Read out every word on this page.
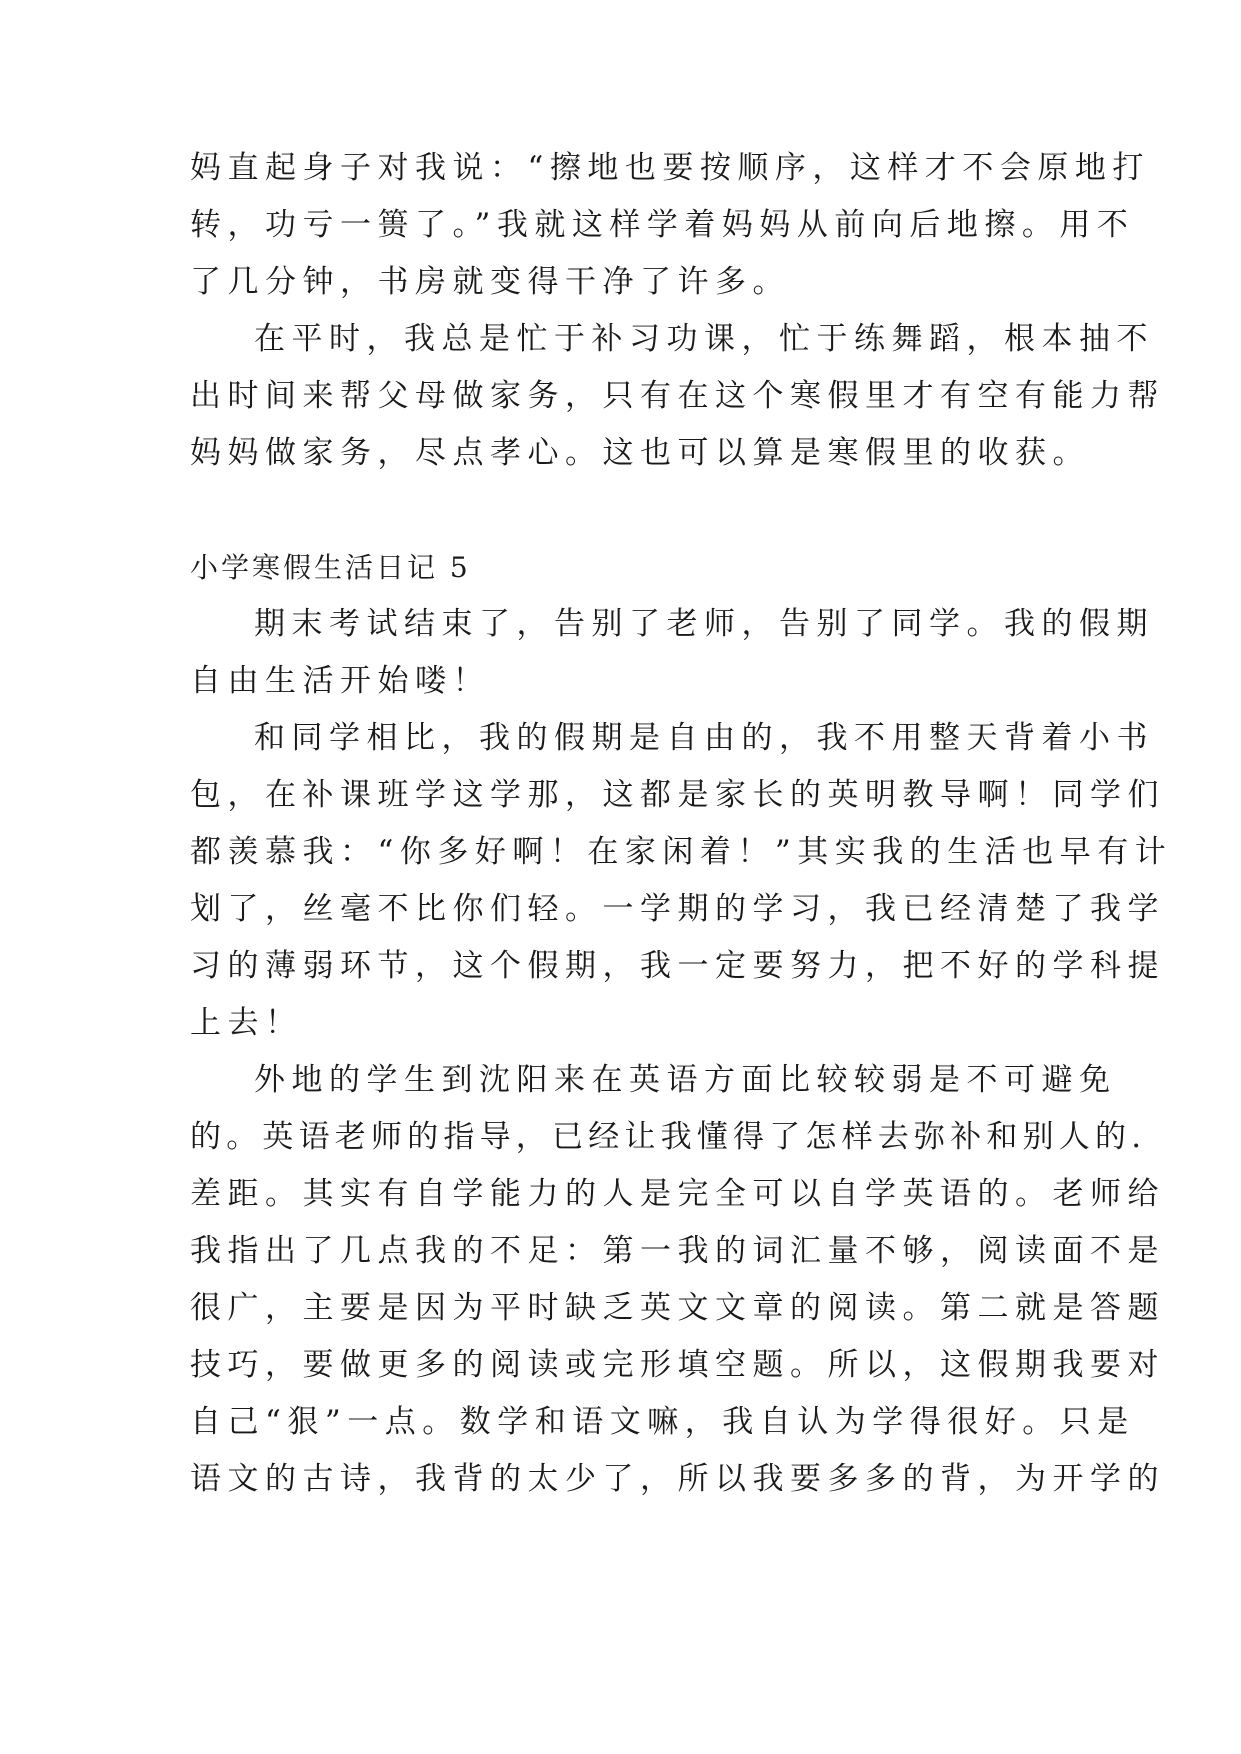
妈直起身子对我说：“擦地也要按顺序，这样才不会原地打
转，功亏一篑了。”我就这样学着妈妈从前向后地擦。用不
了几分钟，书房就变得干净了许多。
在平时，我总是忙于补习功课，忙于练舞蹈，根本抽不
出时间来帮父母做家务，只有在这个寒假里才有空有能力帮
妈妈做家务，尽点孝心。这也可以算是寒假里的收获。
小学寒假生活日记 5
期末考试结束了，告别了老师，告别了同学。我的假期
自由生活开始喽！
和同学相比，我的假期是自由的，我不用整天背着小书
包，在补课班学这学那，这都是家长的英明教导啊！同学们
都羡慕我：“你多好啊！在家闲着！”其实我的生活也早有计
划了，丝毫不比你们轻。一学期的学习，我已经清楚了我学
习的薄弱环节，这个假期，我一定要努力，把不好的学科提
上去！
外地的学生到沈阳来在英语方面比较较弱是不可避免
的。英语老师的指导，已经让我懂得了怎样去弥补和别人的.
差距。其实有自学能力的人是完全可以自学英语的。老师给
我指出了几点我的不足：第一我的词汇量不够，阅读面不是
很广，主要是因为平时缺乏英文文章的阅读。第二就是答题
技巧，要做更多的阅读或完形填空题。所以，这假期我要对
自己“狠”一点。数学和语文嘛，我自认为学得很好。只是
语文的古诗，我背的太少了，所以我要多多的背，为开学的
